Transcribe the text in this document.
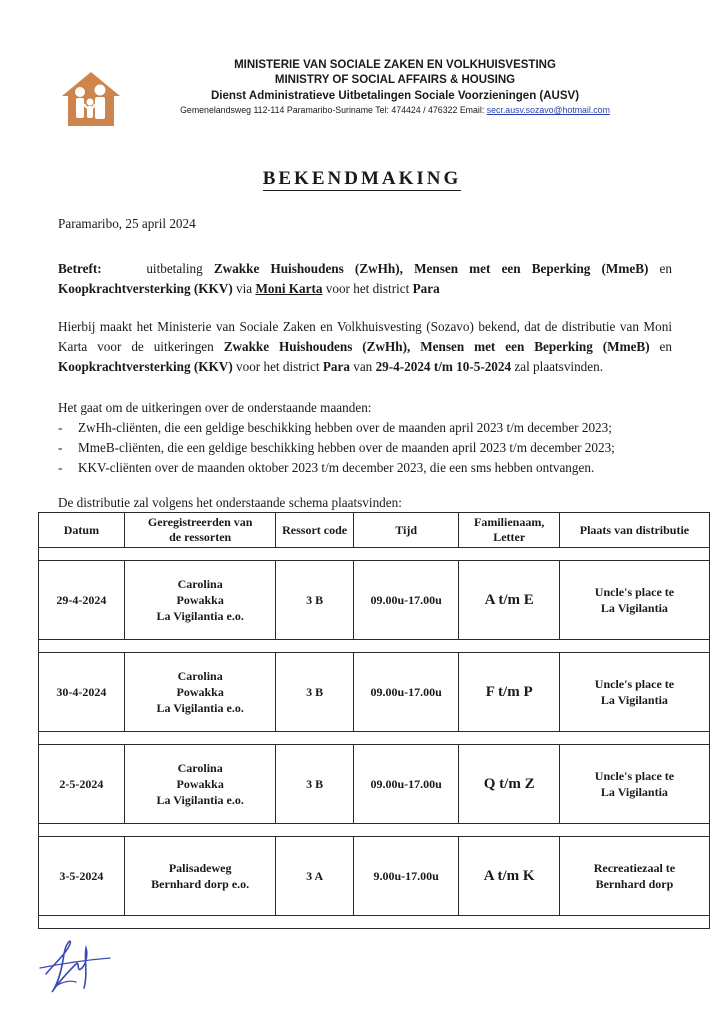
MINISTERIE VAN SOCIALE ZAKEN EN VOLKHUISVESTING
MINISTRY OF SOCIAL AFFAIRS & HOUSING
Dienst Administratieve Uitbetalingen Sociale Voorzieningen (AUSV)
Gemenelandsweg 112-114 Paramaribo-Suriname Tel: 474424 / 476322 Email: secr.ausv.sozavo@hotmail.com
BEKENDMAKING
Paramaribo, 25 april 2024
Betreft:	uitbetaling Zwakke Huishoudens (ZwHh), Mensen met een Beperking (MmeB) en Koopkrachtversterking (KKV) via Moni Karta voor het district Para
Hierbij maakt het Ministerie van Sociale Zaken en Volkhuisvesting (Sozavo) bekend, dat de distributie van Moni Karta voor de uitkeringen Zwakke Huishoudens (ZwHh), Mensen met een Beperking (MmeB) en Koopkrachtversterking (KKV) voor het district Para van 29-4-2024 t/m 10-5-2024 zal plaatsvinden.
Het gaat om de uitkeringen over de onderstaande maanden:
- ZwHh-cliënten, die een geldige beschikking hebben over de maanden april 2023 t/m december 2023;
- MmeB-cliënten, die een geldige beschikking hebben over de maanden april 2023 t/m december 2023;
- KKV-cliënten over de maanden oktober 2023 t/m december 2023, die een sms hebben ontvangen.
De distributie zal volgens het onderstaande schema plaatsvinden:
Datum	Geregistreerden van
de ressorten	Ressort code	Tijd	Familienaam,
Letter	Plaats van distributie

29-4-2024	Carolina
Powakka
La Vigilantia e.o.	3 B	09.00u-17.00u	A t/m E	Uncle's place te
La Vigilantia

30-4-2024	Carolina
Powakka
La Vigilantia e.o.	3 B	09.00u-17.00u	F t/m P	Uncle's place te
La Vigilantia

2-5-2024	Carolina
Powakka
La Vigilantia e.o.	3 B	09.00u-17.00u	Q t/m Z	Uncle's place te
La Vigilantia

3-5-2024	Palisadeweg
Bernhard dorp e.o.	3 A	9.00u-17.00u	A t/m K	Recreatiezaal te
Bernhard dorp
